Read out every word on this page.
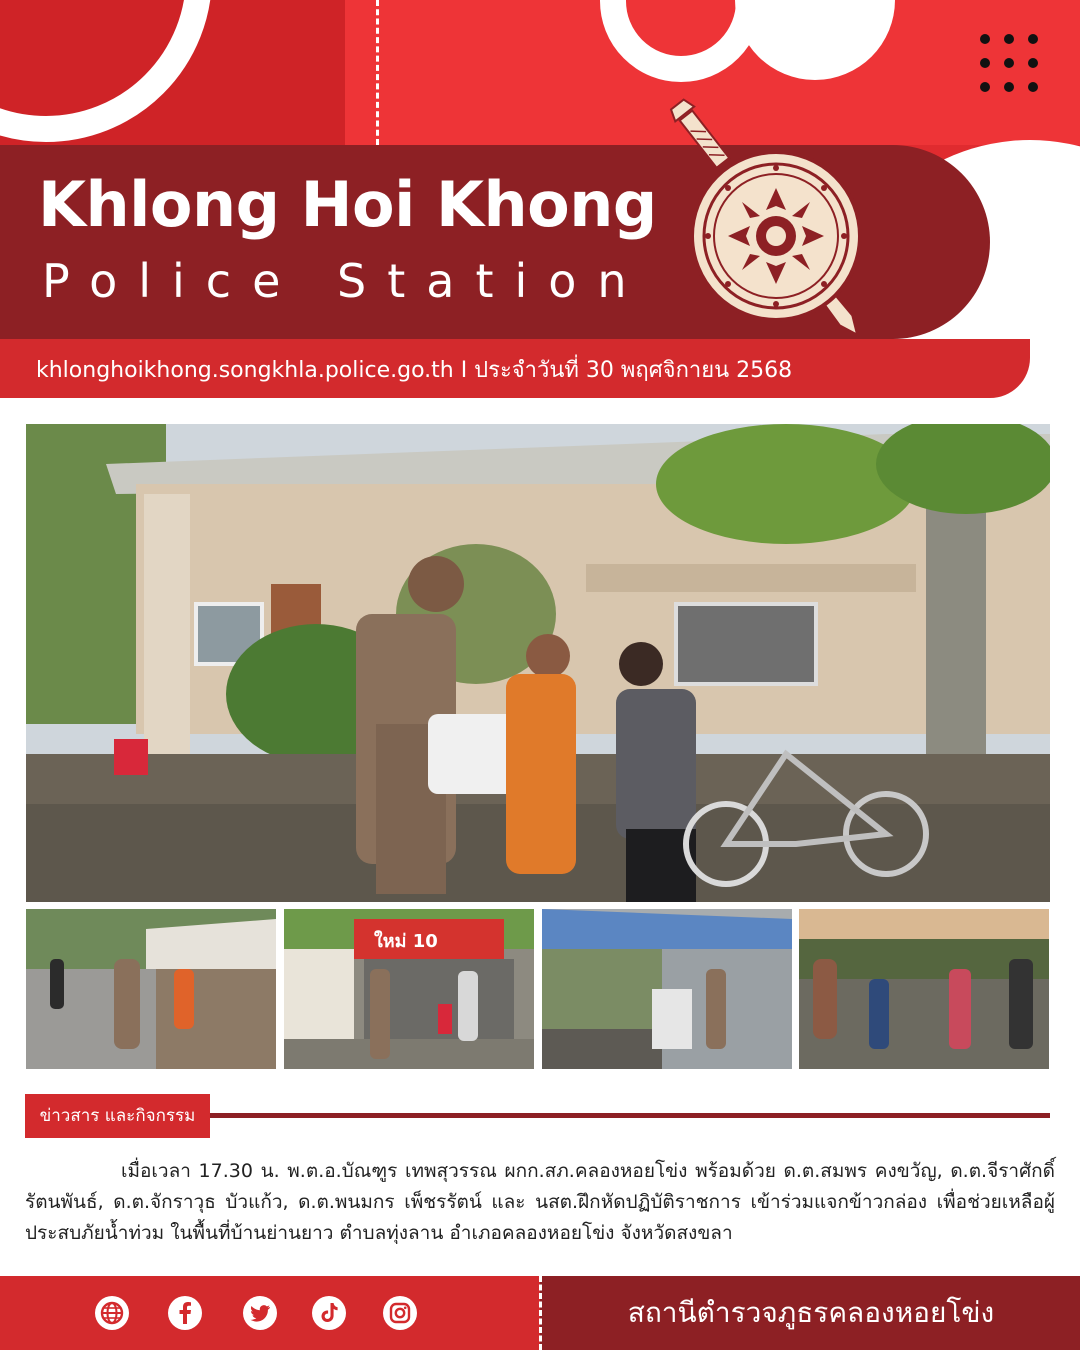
Khlong Hoi Khong
Police Station
khlonghoikhong.songkhla.police.go.th I ประจำวันที่ 30 พฤศจิกายน 2568
ใหม่ 10
ข่าวสาร และกิจกรรม
เมื่อเวลา 17.30 น. พ.ต.อ.บัณฑูร เทพสุวรรณ ผกก.สภ.คลองหอยโข่ง พร้อมด้วย ด.ต.สมพร คงขวัญ, ด.ต.จีราศักดิ์ รัตนพันธ์, ด.ต.จักราวุธ บัวแก้ว, ด.ต.พนมกร เพ็ชรรัตน์ และ นสต.ฝึกหัดปฏิบัติราชการ เข้าร่วมแจกข้าวกล่อง เพื่อช่วยเหลือผู้ประสบภัยน้ำท่วม ในพื้นที่บ้านย่านยาว ตำบลทุ่งลาน อำเภอคลองหอยโข่ง จังหวัดสงขลา
สถานีตำรวจภูธรคลองหอยโข่ง
